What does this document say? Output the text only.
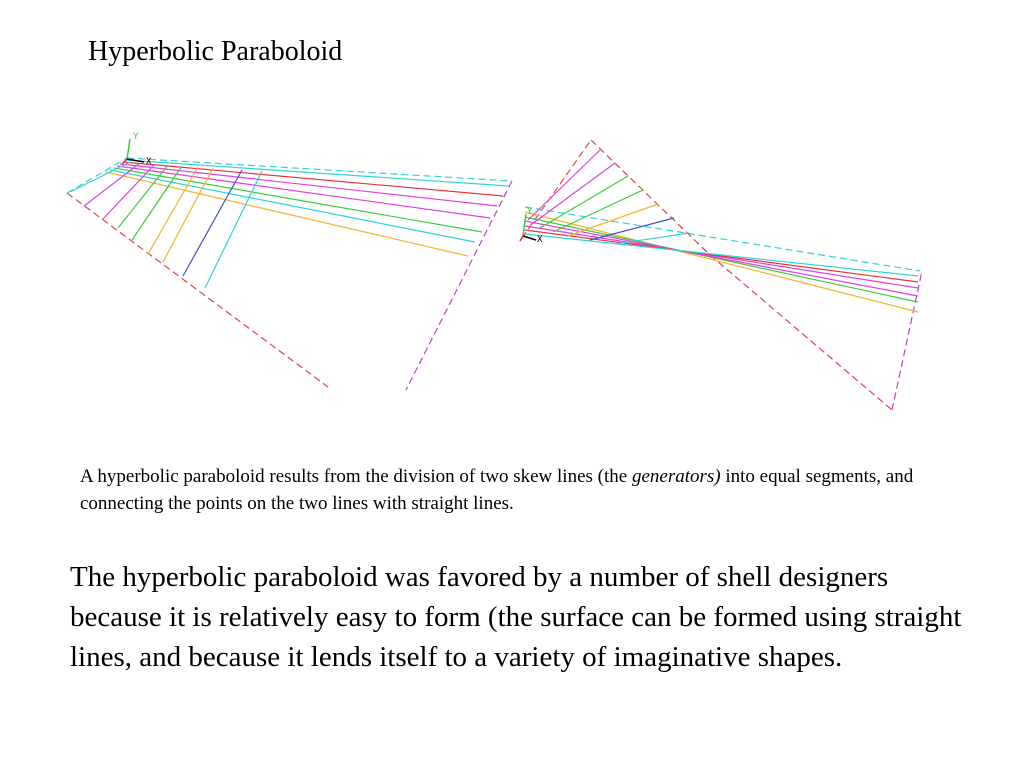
Hyperbolic Paraboloid
Y
X
Y
X
A hyperbolic paraboloid results from the division of two skew lines (the generators) into equal segments, and connecting the points on the two lines with straight lines.
The hyperbolic paraboloid was favored by a number of shell designers because it is relatively easy to form (the surface can be formed using straight lines, and because it lends itself to a variety of imaginative shapes.
